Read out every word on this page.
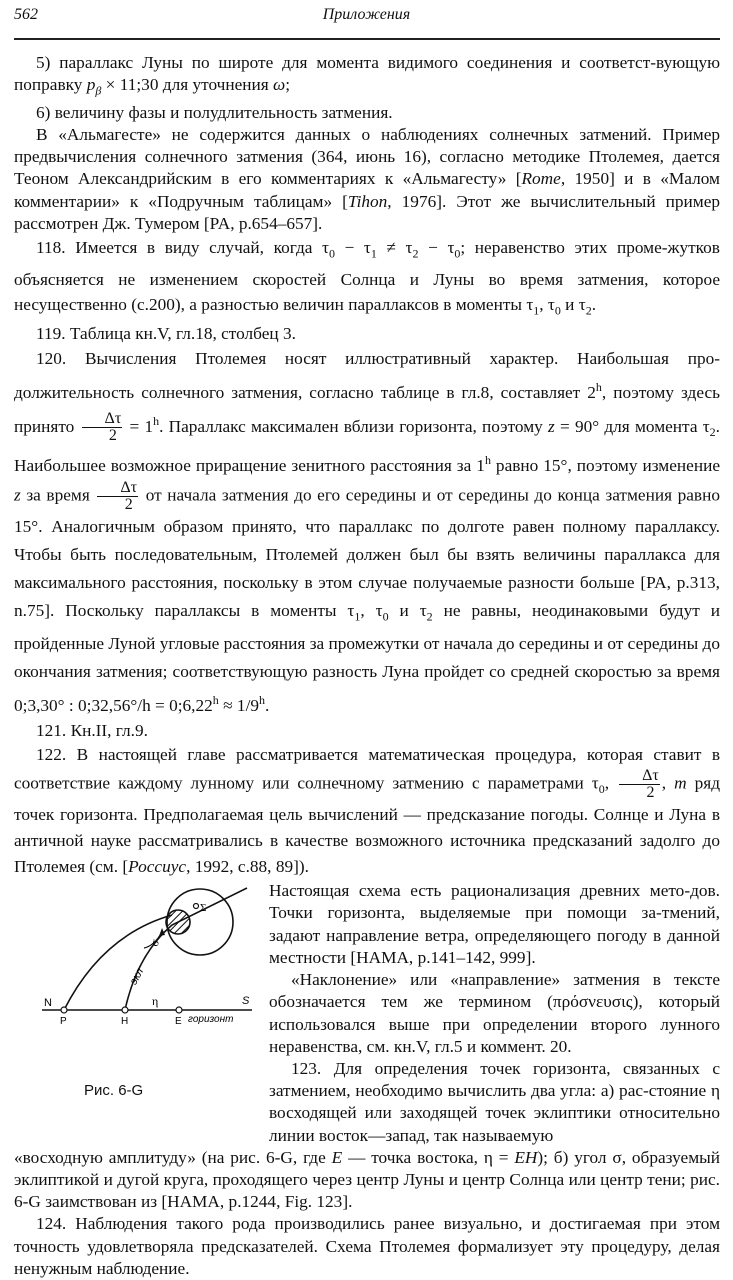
562	Приложения

5) параллакс Луны по широте для момента видимого соединения и соответст-вующую поправку $p_\beta$ × 11;30 для уточнения ω;

6) величину фазы и полудлительность затмения.

В «Альмагесте» не содержится данных о наблюдениях солнечных затмений. Пример предвычисления солнечного затмения (364, июнь 16), согласно методике Птолемея, дается Теоном Александрийским в его комментариях к «Альмагесту» [Rome, 1950] и в «Малом комментарии» к «Подручным таблицам» [Tihon, 1976]. Этот же вычислительный пример рассмотрен Дж. Тумером [PA, p.654–657].

118. Имеется в виду случай, когда $\tau_0 - \tau_1 \ne \tau_2 - \tau_0$; неравенство этих проме-жутков объясняется не изменением скоростей Солнца и Луны во время затмения, которое несущественно (с.200), а разностью величин параллаксов в моменты $\tau_1$, $\tau_0$ и $\tau_2$.

119. Таблица кн.V, гл.18, столбец 3.

120. Вычисления Птолемея носят иллюстративный характер. Наибольшая про-должительность солнечного затмения, согласно таблице в гл.8, составляет 2$^h$, поэтому здесь принято $\frac{\Delta\tau}{2} = 1^h$. Параллакс максимален вблизи горизонта, поэтому z = 90° для момента $\tau_2$. Наибольшее возможное приращение зенитного расстояния за 1$^h$ равно 15°, поэтому изменение z за время $\frac{\Delta\tau}{2}$ от начала затмения до его середины и от середины до конца затмения равно 15°. Аналогичным образом принято, что параллакс по долготе равен полному параллаксу. Чтобы быть последовательным, Птолемей должен был бы взять величины параллакса для максимального расстояния, поскольку в этом случае получаемые разности больше [PA, p.313, n.75]. Поскольку параллаксы в моменты $\tau_1$, $\tau_0$ и $\tau_2$ не равны, неодинаковыми будут и пройденные Луной угловые расстояния за промежутки от начала до середины и от середины до окончания затмения; соответствующую разность Луна пройдет со средней скоростью за время 0;3,30° : 0;32,56°/h = 0;6,22$^h$ ≈ $1/9^h$.

121. Кн.II, гл.9.

122. В настоящей главе рассматривается математическая процедура, которая ставит в соответствие каждому лунному или солнечному затмению с параметрами $\tau_0$, $\frac{\Delta\tau}{2}$ , m ряд точек горизонта. Предполагаемая цель вычислений — предсказание погоды. Солнце и Луна в античной науке рассматривались в качестве возможного источника предсказаний задолго до Птолемея (см. [Россиус, 1992, с.88, 89]).

N	S
P	H	E горизонт
η
σ
экл
Σ
Рис. 6-G

Настоящая схема есть рационализация древних мето-дов. Точки горизонта, выделяемые при помощи за-тмений, задают направление ветра, определяющего погоду в данной местности [HAMA, p.141–142, 999].

«Наклонение» или «направление» затмения в тексте обозначается тем же термином (πρόσνευσις), который использовался выше при определении второго лунного неравенства, см. кн.V, гл.5 и коммент. 20.

123. Для определения точек горизонта, связанных с затмением, необходимо вычислить два угла: а) рас-стояние η восходящей или заходящей точек эклиптики относительно линии восток—запад, так называемую

«восходную амплитуду» (на рис. 6-G, где E — точка востока, η = EH); б) угол σ, образуемый эклиптикой и дугой круга, проходящего через центр Луны и центр Солнца или центр тени; рис. 6-G заимствован из [HAMA, p.1244, Fig. 123].

124. Наблюдения такого рода производились ранее визуально, и достигаемая при этом точность удовлетворяла предсказателей. Схема Птолемея формализует эту процедуру, делая ненужным наблюдение.
